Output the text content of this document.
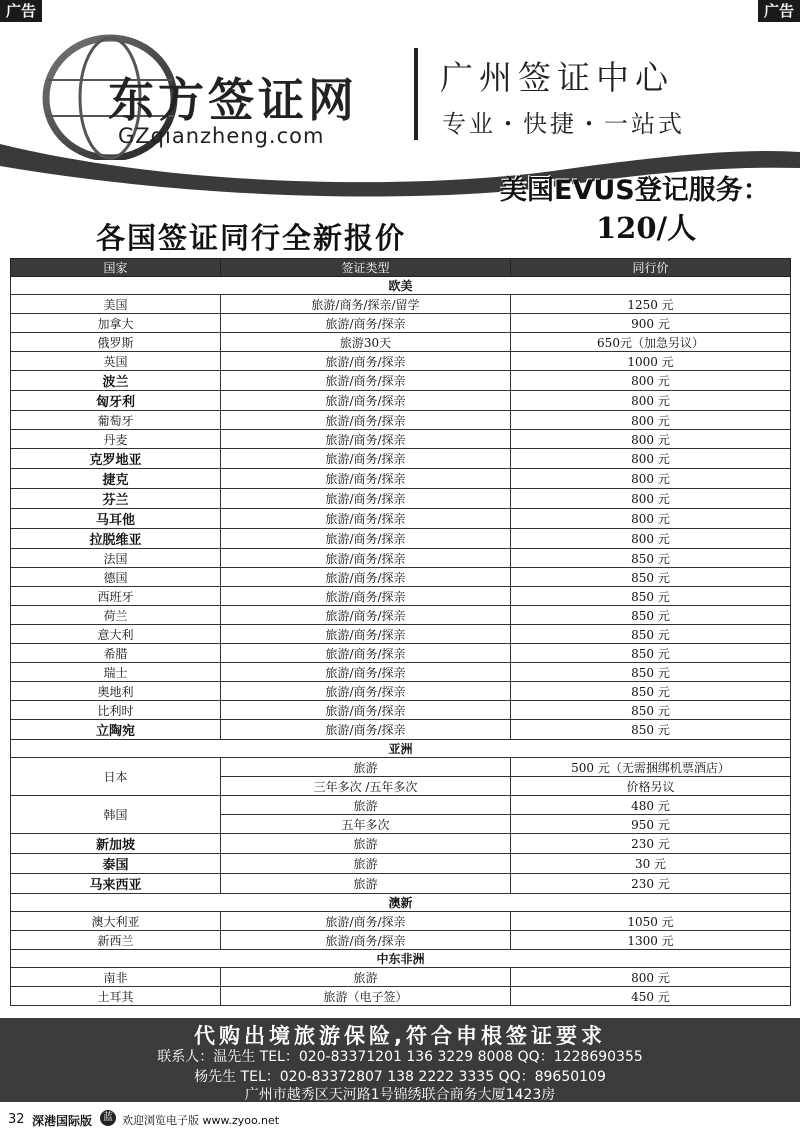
东方签证网
GZqianzheng.com
广州签证中心
专业・快捷・一站式
广告	广告
美国EVUS登记服务：
120/人
各国签证同行全新报价
国家	签证类型	同行价
欧美		
美国	旅游/商务/探亲/留学	1250 元
加拿大	旅游/商务/探亲	900 元
俄罗斯	旅游30天	650元（加急另议）
英国	旅游/商务/探亲	1000 元
波兰	旅游/商务/探亲	800 元
匈牙利	旅游/商务/探亲	800 元
葡萄牙	旅游/商务/探亲	800 元
丹麦	旅游/商务/探亲	800 元
克罗地亚	旅游/商务/探亲	800 元
捷克	旅游/商务/探亲	800 元
芬兰	旅游/商务/探亲	800 元
马耳他	旅游/商务/探亲	800 元
拉脱维亚	旅游/商务/探亲	800 元
法国	旅游/商务/探亲	850 元
德国	旅游/商务/探亲	850 元
西班牙	旅游/商务/探亲	850 元
荷兰	旅游/商务/探亲	850 元
意大利	旅游/商务/探亲	850 元
希腊	旅游/商务/探亲	850 元
瑞士	旅游/商务/探亲	850 元
奥地利	旅游/商务/探亲	850 元
比利时	旅游/商务/探亲	850 元
立陶宛	旅游/商务/探亲	850 元
亚洲		
日本	旅游	500 元（无需捆绑机票酒店）
	三年多次 /五年多次	价格另议
韩国	旅游	480 元
	五年多次	950 元
新加坡	旅游	230 元
泰国	旅游	30 元
马来西亚	旅游	230 元
澳新		
澳大利亚	旅游/商务/探亲	1050 元
新西兰	旅游/商务/探亲	1300 元
中东非洲		
南非	旅游	800 元
土耳其	旅游（电子签）	450 元
代购出境旅游保险,符合申根签证要求
联系人：温先生 TEL：020-83371201 136 3229 8008 QQ：1228690355
杨先生 TEL：020-83372807 138 2222 3335 QQ：89650109
广州市越秀区天河路1号锦绣联合商务大厦1423房
32 深港国际版	蓝 欢迎浏览电子版 www.zyoo.net
